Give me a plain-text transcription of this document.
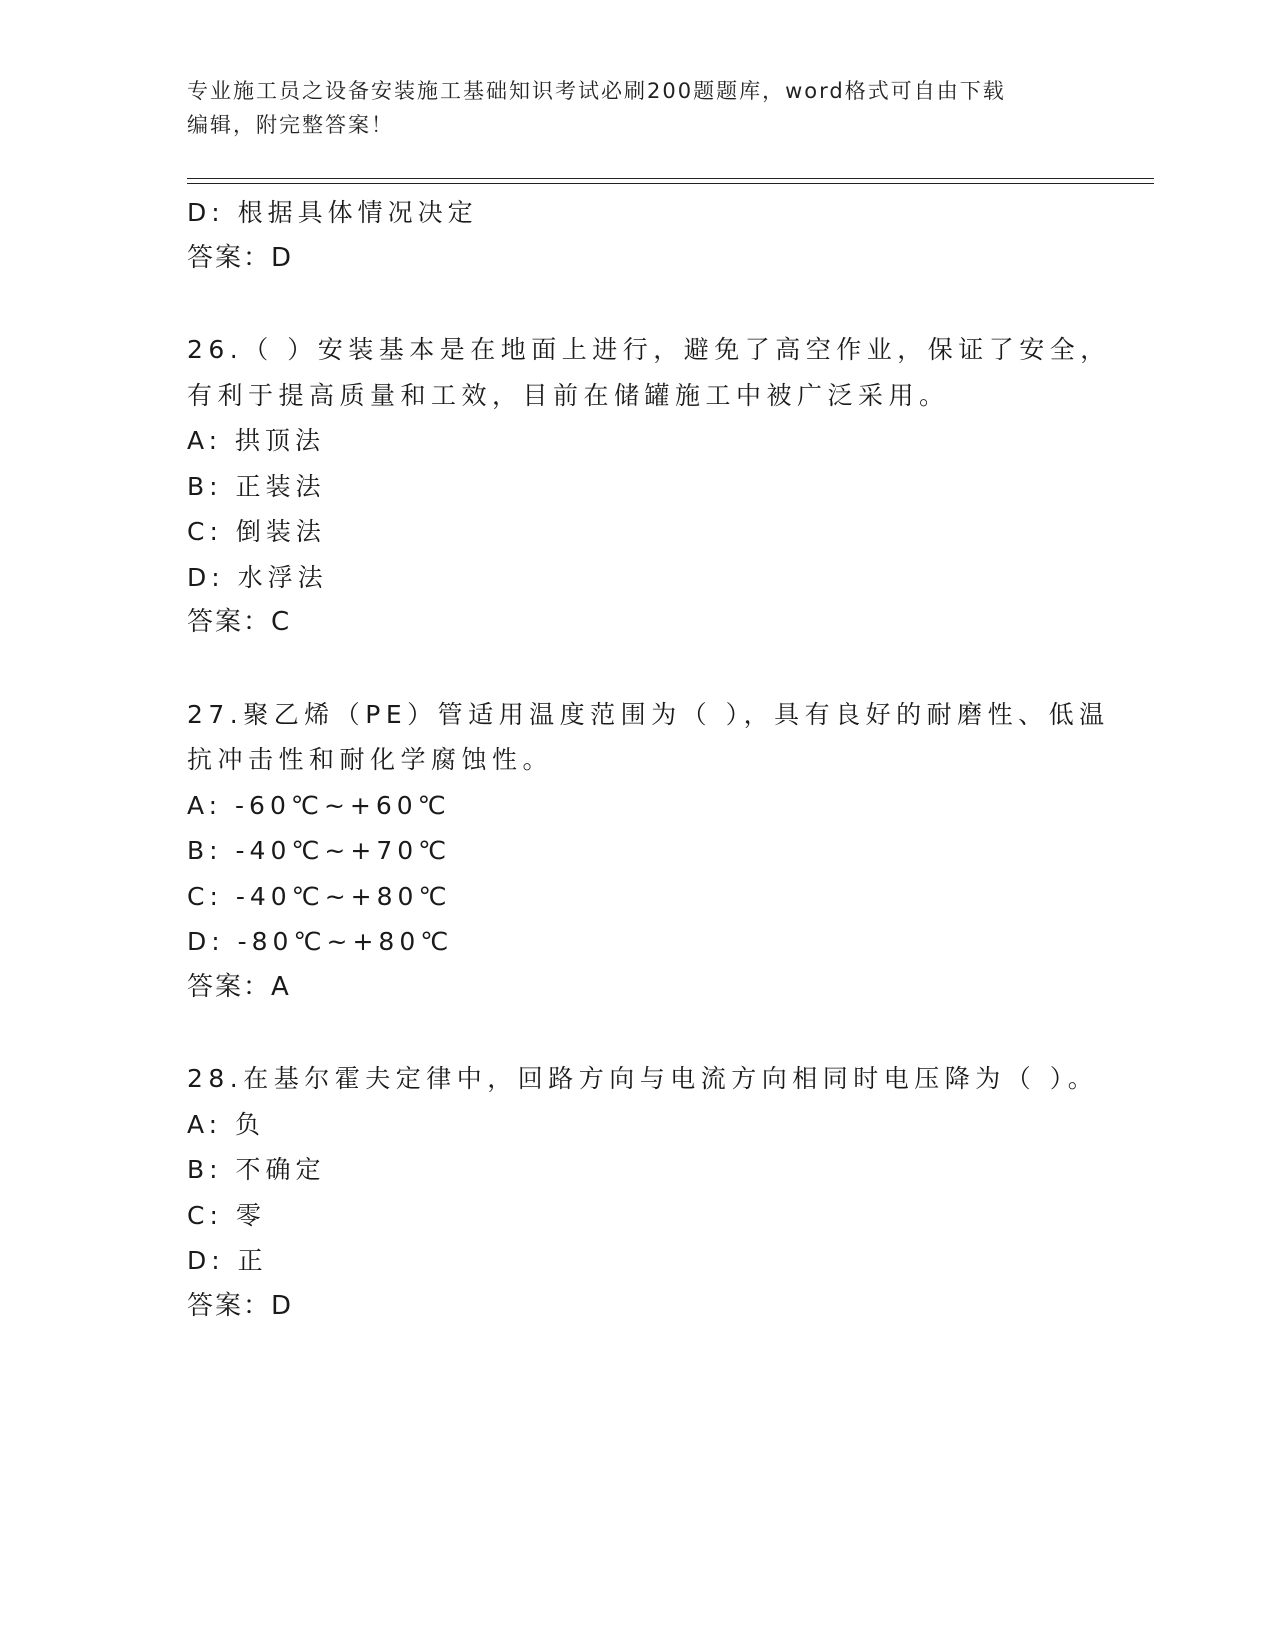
专业施工员之设备安装施工基础知识考试必刷200题题库，word格式可自由下载
编辑，附完整答案！
D: 根据具体情况决定
答案：D
26.（ ）安装基本是在地面上进行，避免了高空作业，保证了安全，
有利于提高质量和工效，目前在储罐施工中被广泛采用。
A: 拱顶法
B: 正装法
C: 倒装法
D: 水浮法
答案：C
27.聚乙烯（PE）管适用温度范围为（ ），具有良好的耐磨性、低温
抗冲击性和耐化学腐蚀性。
A: -60℃~+60℃
B: -40℃~+70℃
C: -40℃~+80℃
D: -80℃~+80℃
答案：A
28.在基尔霍夫定律中，回路方向与电流方向相同时电压降为（ ）。
A: 负
B: 不确定
C: 零
D: 正
答案：D
